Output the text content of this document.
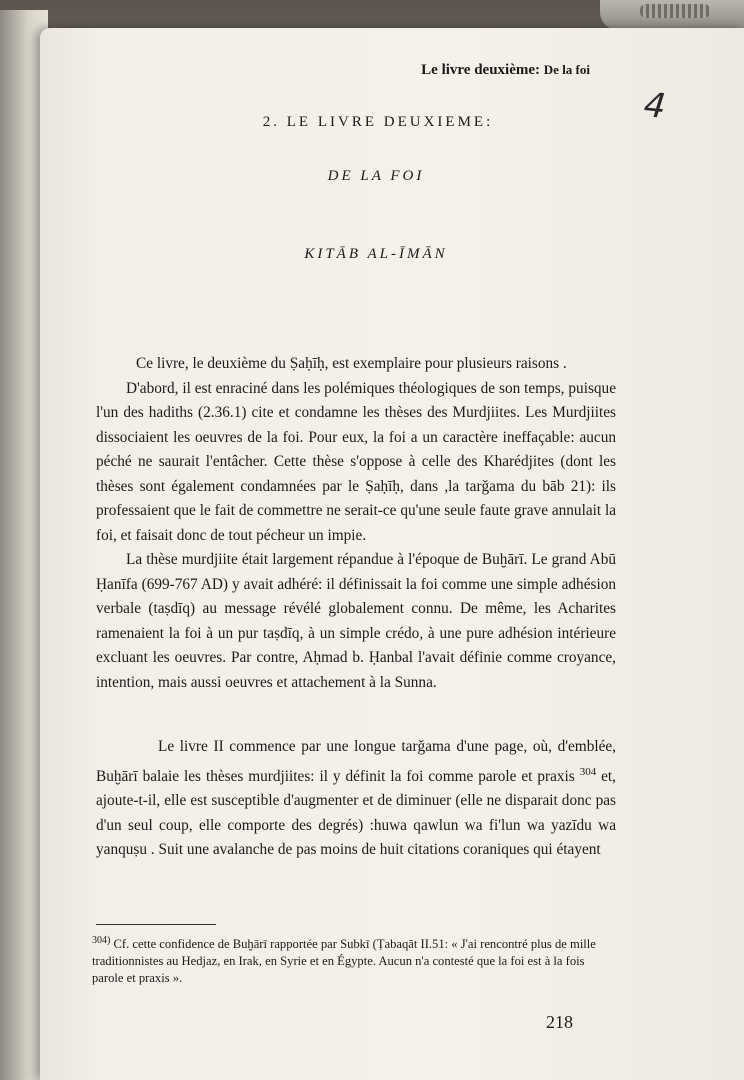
Le livre deuxième: De la foi
4
2. LE LIVRE DEUXIEME:
DE LA FOI
KITĀB AL-ĪMĀN

Ce livre, le deuxième du Ṣaḥīḥ, est exemplaire pour plusieurs raisons .

D'abord, il est enraciné dans les polémiques théologiques de son temps, puisque l'un des hadiths (2.36.1) cite et condamne les thèses des Murdjiites. Les Murdjiites dissociaient les oeuvres de la foi. Pour eux, la foi a un caractère ineffaçable: aucun péché ne saurait l'entâcher. Cette thèse s'oppose à celle des Kharédjites (dont les thèses sont également condamnées par le Ṣaḥīḥ, dans ,la tarǧama du bāb 21): ils professaient que le fait de commettre ne serait-ce qu'une seule faute grave annulait la foi, et faisait donc de tout pécheur un impie.

La thèse murdjiite était largement répandue à l'époque de Buḫārī. Le grand Abū Ḥanīfa (699-767 AD) y avait adhéré: il définissait la foi comme une simple adhésion verbale (taṣdīq) au message révélé globalement connu. De même, les Acharites ramenaient la foi à un pur taṣdīq, à un simple crédo, à une pure adhésion intérieure excluant les oeuvres. Par contre, Aḥmad b. Ḥanbal l'avait définie comme croyance, intention, mais aussi oeuvres et attachement à la Sunna.

Le livre II commence par une longue tarǧama d'une page, où, d'emblée, Buḫārī balaie les thèses murdjiites: il y définit la foi comme parole et praxis $^{304}$ et, ajoute-t-il, elle est susceptible d'augmenter et de diminuer (elle ne disparait donc pas d'un seul coup, elle comporte des degrés) :huwa qawlun wa fi'lun wa yazīdu wa yanquṣu . Suit une avalanche de pas moins de huit citations coraniques qui étayent

$^{304)}$ Cf. cette confidence de Buḫārī rapportée par Subkī (Ṭabaqāt II.51: « J'ai rencontré plus de mille traditionnistes au Hedjaz, en Irak, en Syrie et en Égypte. Aucun n'a contesté que la foi est à la fois parole et praxis ».
218
